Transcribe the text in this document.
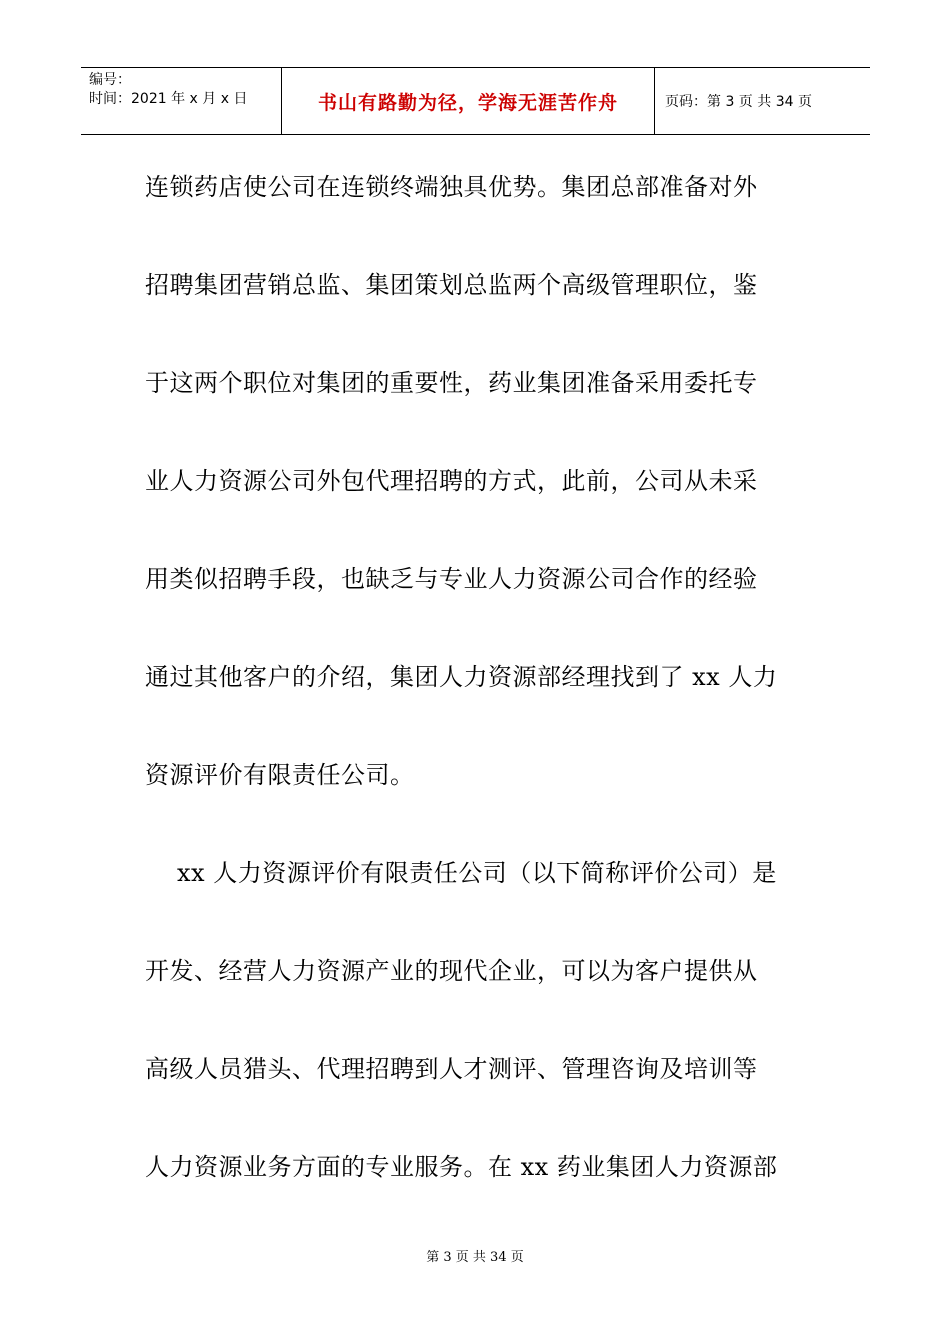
编号：
时间：2021 年 x 月 x 日	书山有路勤为径，学海无涯苦作舟	页码：第 3 页 共 34 页
连锁药店使公司在连锁终端独具优势。集团总部准备对外
招聘集团营销总监、集团策划总监两个高级管理职位，鉴
于这两个职位对集团的重要性，药业集团准备采用委托专
业人力资源公司外包代理招聘的方式，此前，公司从未采
用类似招聘手段，也缺乏与专业人力资源公司合作的经验
通过其他客户的介绍，集团人力资源部经理找到了 xx 人力
资源评价有限责任公司。
xx 人力资源评价有限责任公司（以下简称评价公司）是
开发、经营人力资源产业的现代企业，可以为客户提供从
高级人员猎头、代理招聘到人才测评、管理咨询及培训等
人力资源业务方面的专业服务。在 xx 药业集团人力资源部
第 3 页 共 34 页
